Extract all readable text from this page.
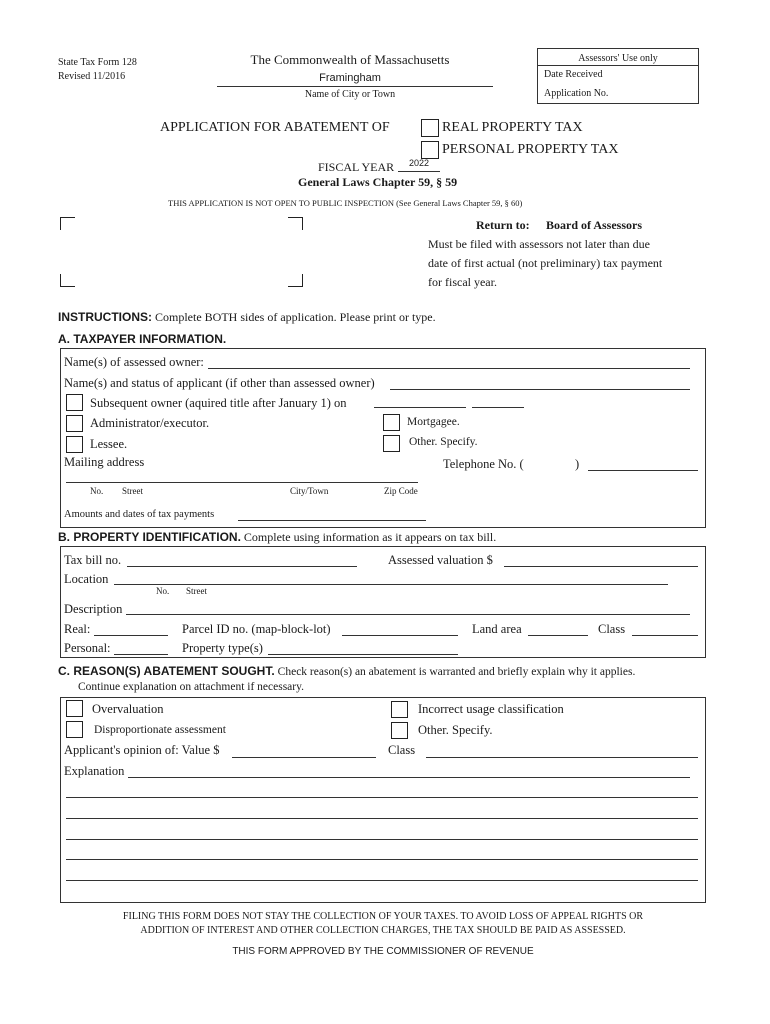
State Tax Form 128
Revised 11/2016
The Commonwealth of Massachusetts
Framingham
Name of City or Town
Assessors' Use only
Date Received
Application No.
APPLICATION FOR ABATEMENT OF	REAL PROPERTY TAX
PERSONAL PROPERTY TAX
FISCAL YEAR	2022
General Laws Chapter 59, § 59
THIS APPLICATION IS NOT OPEN TO PUBLIC INSPECTION (See General Laws Chapter 59, § 60)
Return to: Board of Assessors
Must be filed with assessors not later than due
date of first actual (not preliminary) tax payment
for fiscal year.
INSTRUCTIONS: Complete BOTH sides of application. Please print or type.
A. TAXPAYER INFORMATION.
Name(s) of assessed owner:
Name(s) and status of applicant (if other than assessed owner)
Subsequent owner (aquired title after January 1) on
Administrator/executor.	Mortgagee.
Lessee.	Other. Specify.
Mailing address	Telephone No. (	)
No. Street	City/Town	Zip Code
Amounts and dates of tax payments
B. PROPERTY IDENTIFICATION. Complete using information as it appears on tax bill.
Tax bill no.	Assessed valuation $
Location
No. Street
Description
Real:	Parcel ID no. (map-block-lot)	Land area	Class
Personal:	Property type(s)
C. REASON(S) ABATEMENT SOUGHT. Check reason(s) an abatement is warranted and briefly explain why it applies.
Continue explanation on attachment if necessary.
Overvaluation	Incorrect usage classification
Disproportionate assessment	Other. Specify.
Applicant's opinion of: Value $	Class
Explanation
FILING THIS FORM DOES NOT STAY THE COLLECTION OF YOUR TAXES. TO AVOID LOSS OF APPEAL RIGHTS OR
ADDITION OF INTEREST AND OTHER COLLECTION CHARGES, THE TAX SHOULD BE PAID AS ASSESSED.
THIS FORM APPROVED BY THE COMMISSIONER OF REVENUE
